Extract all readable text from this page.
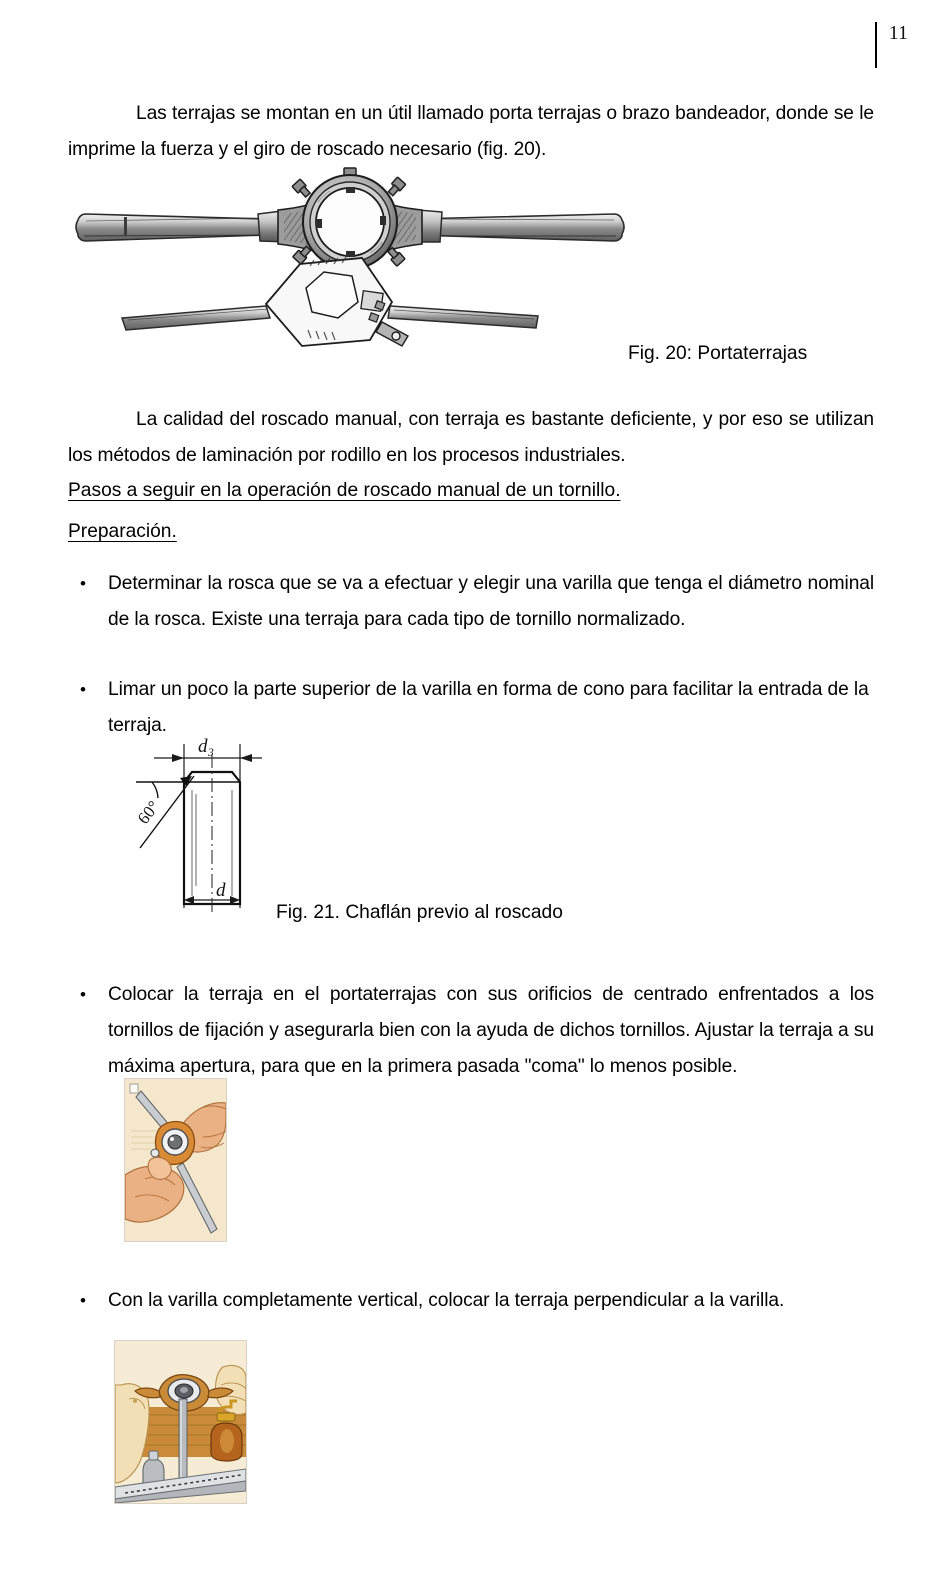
11
Las terrajas se montan en un útil llamado porta terrajas o brazo bandeador, donde se le imprime la fuerza y el giro de roscado necesario (fig. 20).
Fig. 20: Portaterrajas
La calidad del roscado manual, con terraja es bastante deficiente, y por eso se utilizan los métodos de laminación por rodillo en los procesos industriales.
Pasos a seguir en la operación de roscado manual de un tornillo.
Preparación.
•	Determinar la rosca que se va a efectuar y elegir una varilla que tenga el diámetro nominal de la rosca. Existe una terraja para cada tipo de tornillo normalizado.
•	Limar un poco la parte superior de la varilla en forma de cono para facilitar la entrada de la terraja.
d₃
60°
d
Fig. 21. Chaflán previo al roscado
•	Colocar la terraja en el portaterrajas con sus orificios de centrado enfrentados a los tornillos de fijación y asegurarla bien con la ayuda de dichos tornillos. Ajustar la terraja a su máxima apertura, para que en la primera pasada "coma" lo menos posible.
•	Con la varilla completamente vertical, colocar la terraja perpendicular a la varilla.
